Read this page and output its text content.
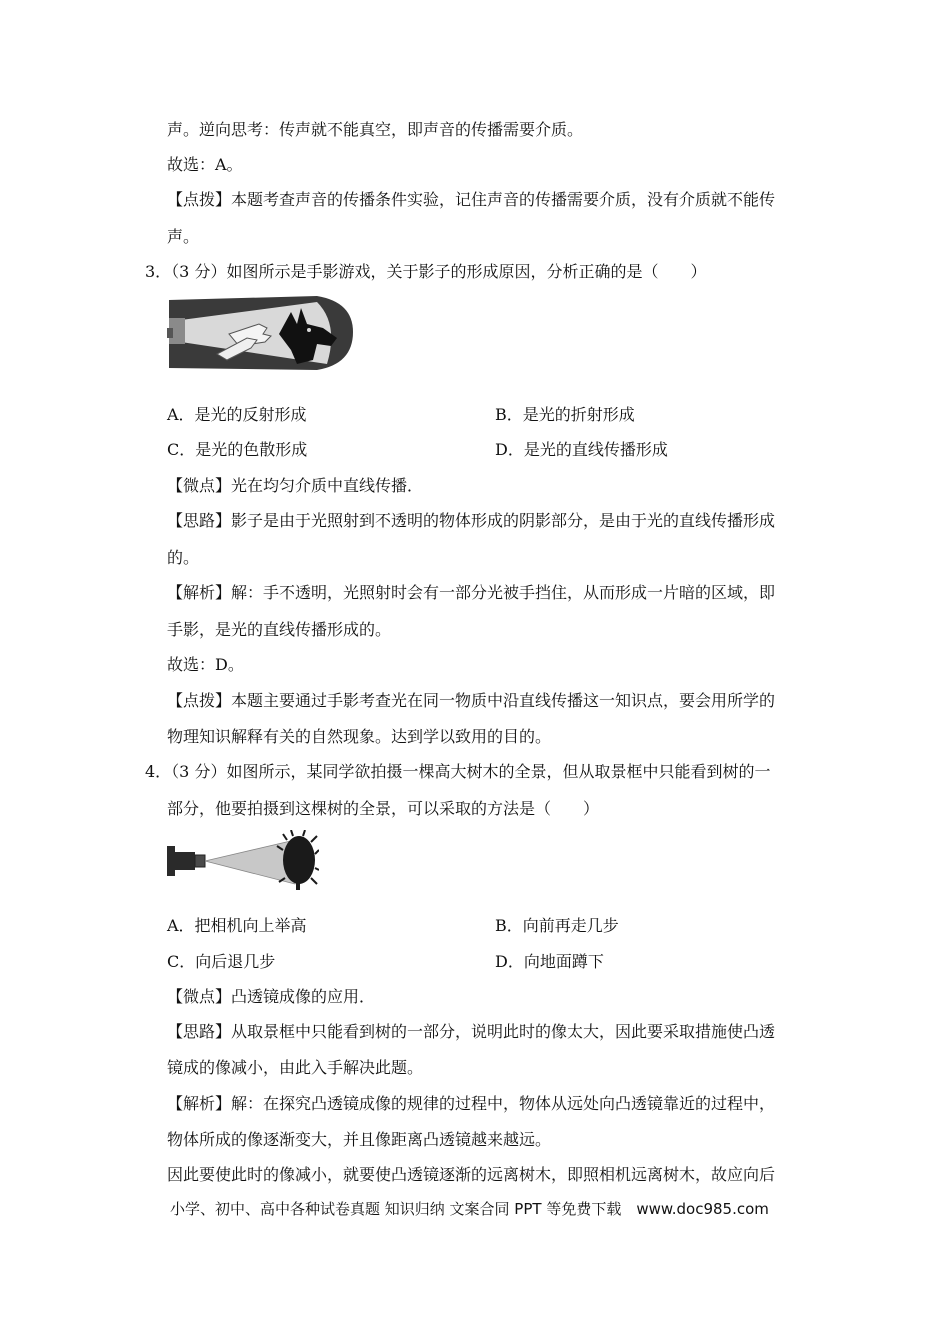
声。逆向思考：传声就不能真空，即声音的传播需要介质。
故选：A。
【点拨】本题考查声音的传播条件实验，记住声音的传播需要介质，没有介质就不能传
声。
3．（3 分）如图所示是手影游戏，关于影子的形成原因，分析正确的是（　　）
A．是光的反射形成	B．是光的折射形成
C．是光的色散形成	D．是光的直线传播形成
【微点】光在均匀介质中直线传播．
【思路】影子是由于光照射到不透明的物体形成的阴影部分，是由于光的直线传播形成
的。
【解析】解：手不透明，光照射时会有一部分光被手挡住，从而形成一片暗的区域，即
手影，是光的直线传播形成的。
故选：D。
【点拨】本题主要通过手影考查光在同一物质中沿直线传播这一知识点，要会用所学的
物理知识解释有关的自然现象。达到学以致用的目的。
4．（3 分）如图所示，某同学欲拍摄一棵高大树木的全景，但从取景框中只能看到树的一
部分，他要拍摄到这棵树的全景，可以采取的方法是（　　）
A．把相机向上举高	B．向前再走几步
C．向后退几步	D．向地面蹲下
【微点】凸透镜成像的应用．
【思路】从取景框中只能看到树的一部分，说明此时的像太大，因此要采取措施使凸透
镜成的像减小，由此入手解决此题。
【解析】解：在探究凸透镜成像的规律的过程中，物体从远处向凸透镜靠近的过程中，
物体所成的像逐渐变大，并且像距离凸透镜越来越远。
因此要使此时的像减小，就要使凸透镜逐渐的远离树木，即照相机远离树木，故应向后
小学、初中、高中各种试卷真题 知识归纳 文案合同 PPT 等免费下载　www.doc985.com
